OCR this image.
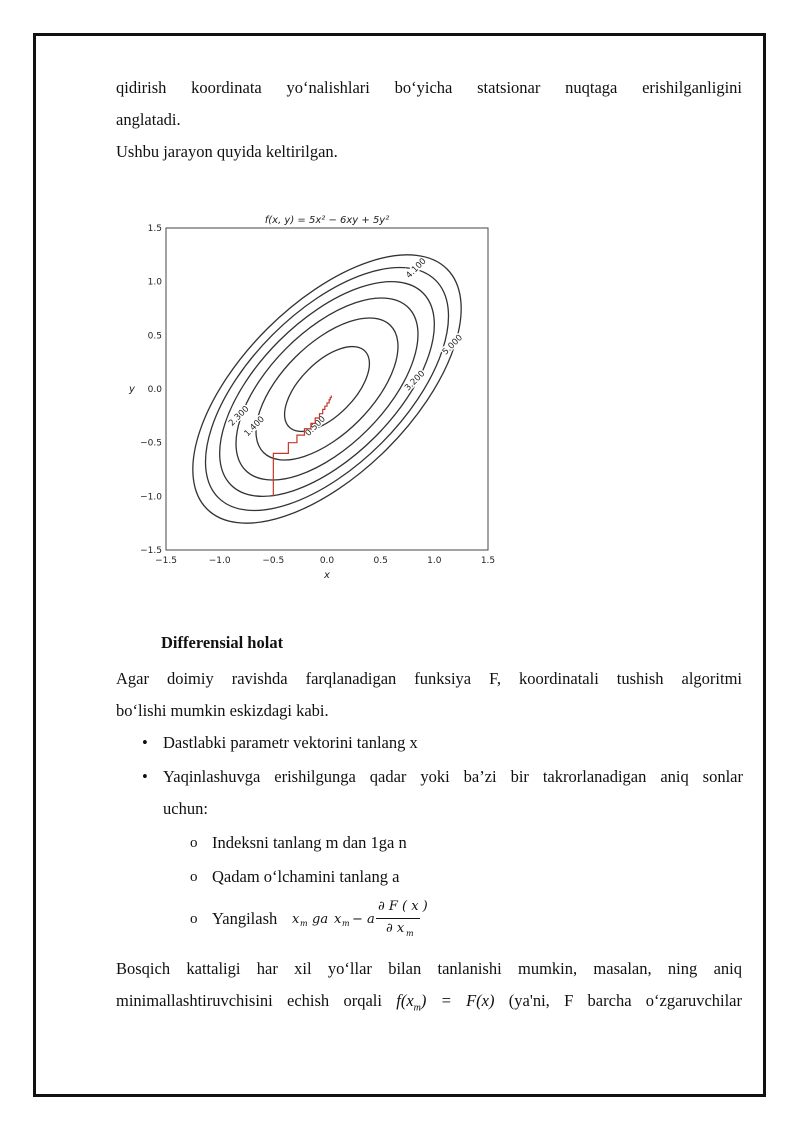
qidirish koordinata yo‘nalishlari bo‘yicha statsionar nuqtaga erishilganligini
anglatadi.
Ushbu jarayon quyida keltirilgan.

0.500
1.400
2.300
3.200
4.100
5.000
−1.5	−1.0	−0.5	0.0	0.5	1.0	1.5
1.5
1.0
0.5
0.0
−0.5
−1.0
−1.5
f(x, y) = 5x² − 6xy + 5y²
x
y

Differensial holat

Agar doimiy ravishda farqlanadigan funksiya F, koordinatali tushish algoritmi
bo‘lishi mumkin eskizdagi kabi.

• Dastlabki parametr vektorini tanlang x
• Yaqinlashuvga erishilgunga qadar yoki ba’zi bir takrorlanadigan aniq sonlar
uchun:
o Indeksni tanlang m dan 1ga n
o Qadam o‘lchamini tanlang a
o Yangilash x m ga x m − a
∂ F ( x )
∂ x m

Bosqich kattaligi har xil yo‘llar bilan tanlanishi mumkin, masalan, ning aniq
minimallashtiruvchisini echish orqali $f(x_m) = F(x)$ (ya'ni, F barcha o‘zgaruvchilar
